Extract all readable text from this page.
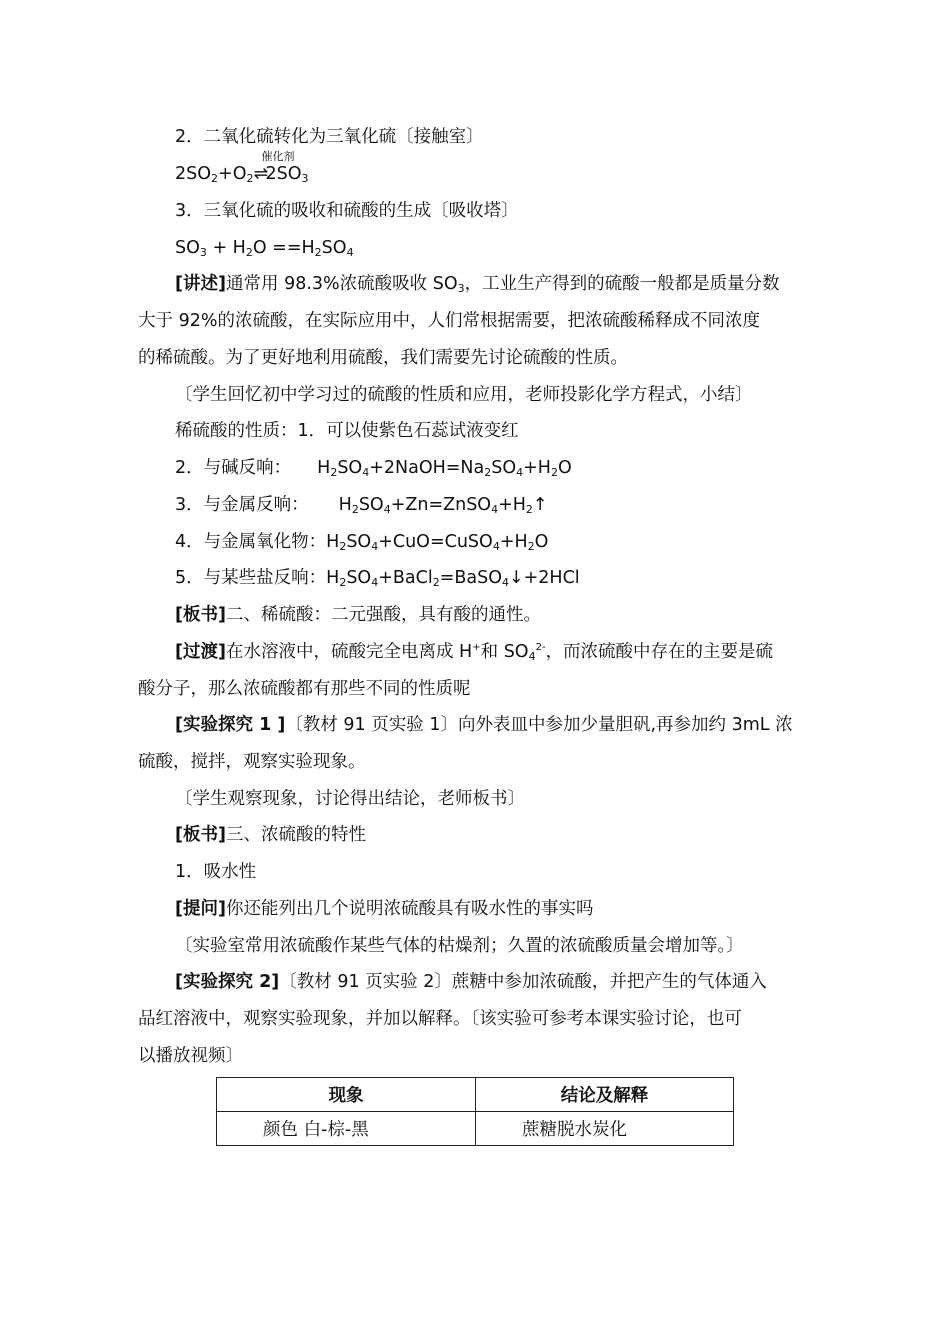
2．二氧化硫转化为三氧化硫〔接触室〕
$2SO_2+O_2$
催化剂
⇌ $2SO_3$
3．三氧化硫的吸收和硫酸的生成〔吸收塔〕
$SO_3 + H_2O ==H_2SO_4$
[讲述]通常用 98.3%浓硫酸吸收 $SO_3$，工业生产得到的硫酸一般都是质量分数
大于 92%的浓硫酸，在实际应用中，人们常根据需要，把浓硫酸稀释成不同浓度
的稀硫酸。为了更好地利用硫酸，我们需要先讨论硫酸的性质。
〔学生回忆初中学习过的硫酸的性质和应用，老师投影化学方程式，小结〕
稀硫酸的性质：1．可以使紫色石蕊试液变红
2．与碱反响： $H_2SO_4+2NaOH=Na_2SO_4+H_2O$
3．与金属反响： $H_2SO_4+Zn=ZnSO_4+H_2↑$
4．与金属氧化物：$H_2SO_4+CuO=CuSO_4+H_2O$
5．与某些盐反响：$H_2SO_4+BaCl_2=BaSO_4↓+2HCl$
[板书]二、稀硫酸：二元强酸，具有酸的通性。
[过渡]在水溶液中，硫酸完全电离成 H+和 $SO_4^{2-}$，而浓硫酸中存在的主要是硫
酸分子，那么浓硫酸都有那些不同的性质呢
[实验探究 1 ]〔教材 91 页实验 1〕向外表皿中参加少量胆矾,再参加约 3mL 浓
硫酸，搅拌，观察实验现象。
〔学生观察现象，讨论得出结论，老师板书〕
[板书]三、浓硫酸的特性
1．吸水性
[提问]你还能列出几个说明浓硫酸具有吸水性的事实吗
〔实验室常用浓硫酸作某些气体的枯燥剂；久置的浓硫酸质量会增加等。〕
[实验探究 2]〔教材 91 页实验 2〕蔗糖中参加浓硫酸，并把产生的气体通入
品红溶液中，观察实验现象，并加以解释。〔该实验可参考本课实验讨论，也可
以播放视频〕
现象	结论及解释
颜色 白-棕-黑	蔗糖脱水炭化
